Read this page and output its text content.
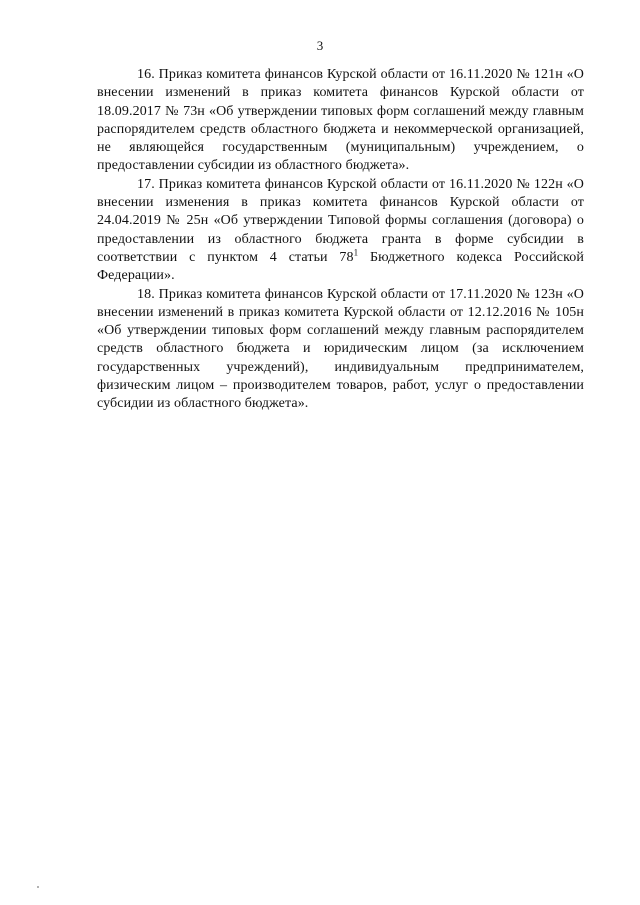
3

16. Приказ комитета финансов Курской области от 16.11.2020 № 121н «О внесении изменений в приказ комитета финансов Курской области от 18.09.2017 № 73н «Об утверждении типовых форм соглашений между главным распорядителем средств областного бюджета и некоммерческой организацией, не являющейся государственным (муниципальным) учреждением, о предоставлении субсидии из областного бюджета».

17. Приказ комитета финансов Курской области от 16.11.2020 № 122н «О внесении изменения в приказ комитета финансов Курской области от 24.04.2019 № 25н «Об утверждении Типовой формы соглашения (договора) о предоставлении из областного бюджета гранта в форме субсидии в соответствии с пунктом 4 статьи $78^1$ Бюджетного кодекса Российской Федерации».

18. Приказ комитета финансов Курской области от 17.11.2020 № 123н «О внесении изменений в приказ комитета Курской области от 12.12.2016 № 105н «Об утверждении типовых форм соглашений между главным распорядителем средств областного бюджета и юридическим лицом (за исключением государственных учреждений), индивидуальным предпринимателем, физическим лицом – производителем товаров, работ, услуг о предоставлении субсидии из областного бюджета».
